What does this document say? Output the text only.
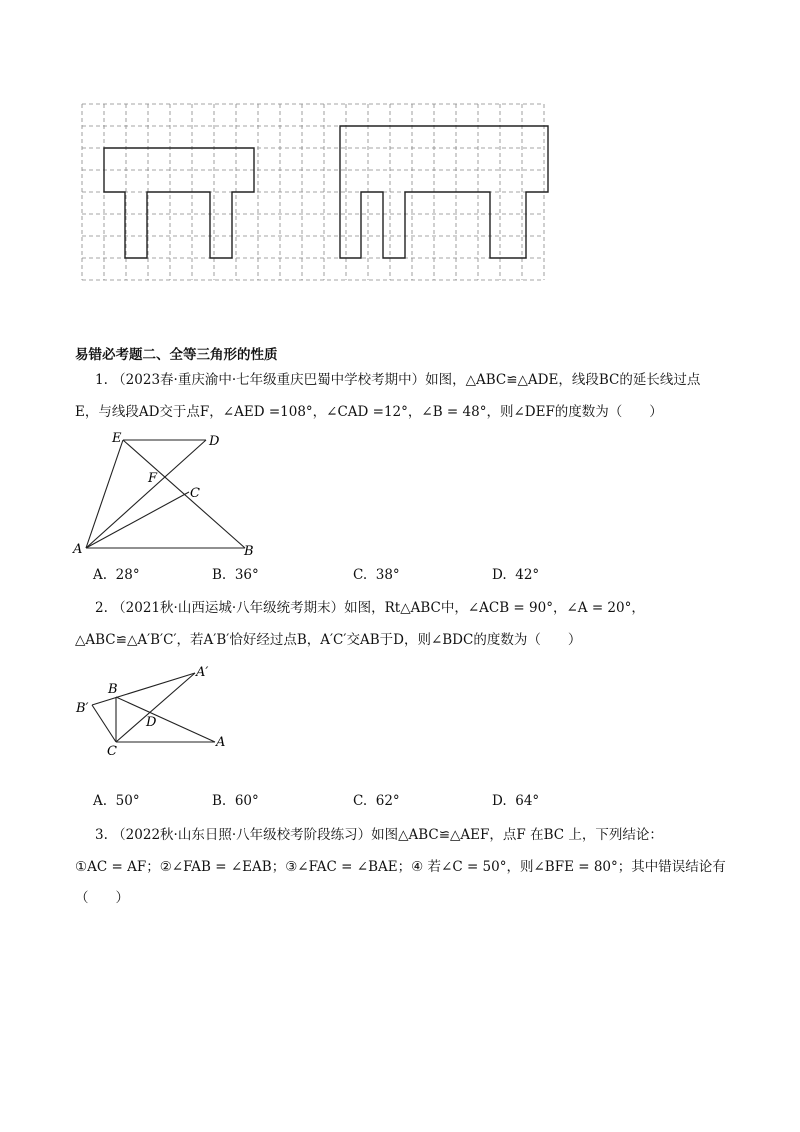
易错必考题二、全等三角形的性质
1. （2023春·重庆渝中·七年级重庆巴蜀中学校考期中）如图，△ABC≌△ADE，线段BC的延长线过点
E，与线段AD交于点F，∠AED =108°，∠CAD =12°，∠B = 48°，则∠DEF的度数为（　　）
E	D
F
C
A	B
A. 28°	B. 36°	C. 38°	D. 42°
2. （2021秋·山西运城·八年级统考期末）如图，Rt△ABC中，∠ACB = 90°，∠A = 20°，
△ABC≌△A′B′C′，若A′B′恰好经过点B，A′C′交AB于D，则∠BDC的度数为（　　）
A′
B
B′
D
C
A
A. 50°	B. 60°	C. 62°	D. 64°
3. （2022秋·山东日照·八年级校考阶段练习）如图△ABC≌△AEF，点F 在BC 上，下列结论：
①AC = AF；②∠FAB = ∠EAB；③∠FAC = ∠BAE；④ 若∠C = 50°，则∠BFE = 80°；其中错误结论有
（　　）
